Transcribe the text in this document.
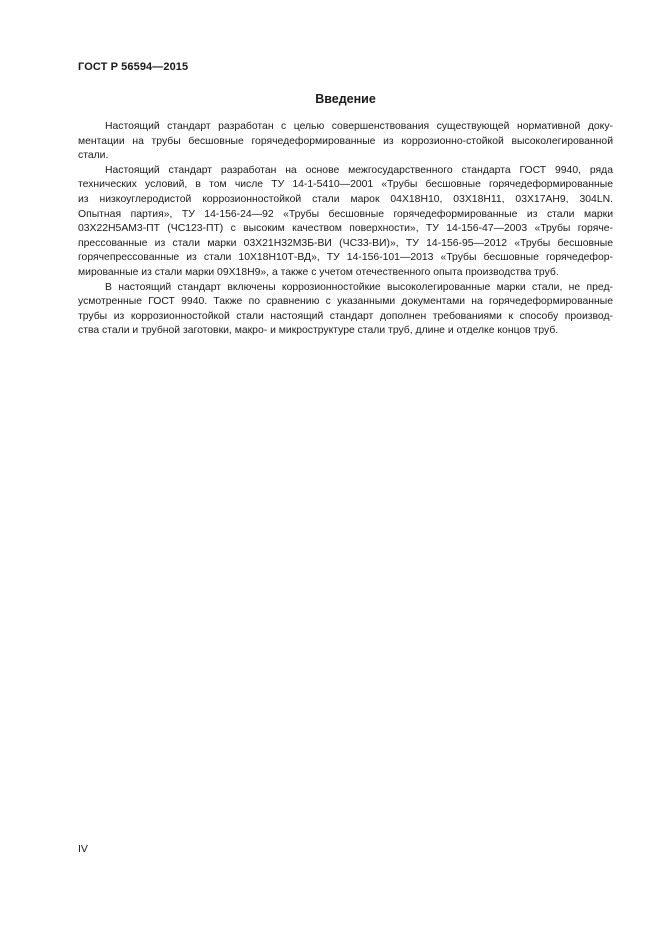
ГОСТ Р 56594—2015
Введение

Настоящий стандарт разработан с целью совершенствования существующей нормативной доку-
ментации на трубы бесшовные горячедеформированные из коррозионно-стойкой высоколегированной
стали.

Настоящий стандарт разработан на основе межгосударственного стандарта ГОСТ 9940, ряда
технических условий, в том числе ТУ 14-1-5410—2001 «Трубы бесшовные горячедеформированные
из низкоуглеродистой коррозионностойкой стали марок 04Х18Н10, 03Х18Н11, 03Х17АН9, 304LN.
Опытная партия», ТУ 14-156-24—92 «Трубы бесшовные горячедеформированные из стали марки
03Х22Н5АМ3-ПТ (ЧС123-ПТ) с высоким качеством поверхности», ТУ 14-156-47—2003 «Трубы горяче-
прессованные из стали марки 03Х21Н32М3Б-ВИ (ЧС33-ВИ)», ТУ 14-156-95—2012 «Трубы бесшовные
горячепрессованные из стали 10Х18Н10Т-ВД», ТУ 14-156-101—2013 «Трубы бесшовные горячедефор-
мированные из стали марки 09Х18Н9», а также с учетом отечественного опыта производства труб.

В настоящий стандарт включены коррозионностойкие высоколегированные марки стали, не пред-
усмотренные ГОСТ 9940. Также по сравнению с указанными документами на горячедеформированные
трубы из коррозионностойкой стали настоящий стандарт дополнен требованиями к способу производ-
ства стали и трубной заготовки, макро- и микроструктуре стали труб, длине и отделке концов труб.

IV
